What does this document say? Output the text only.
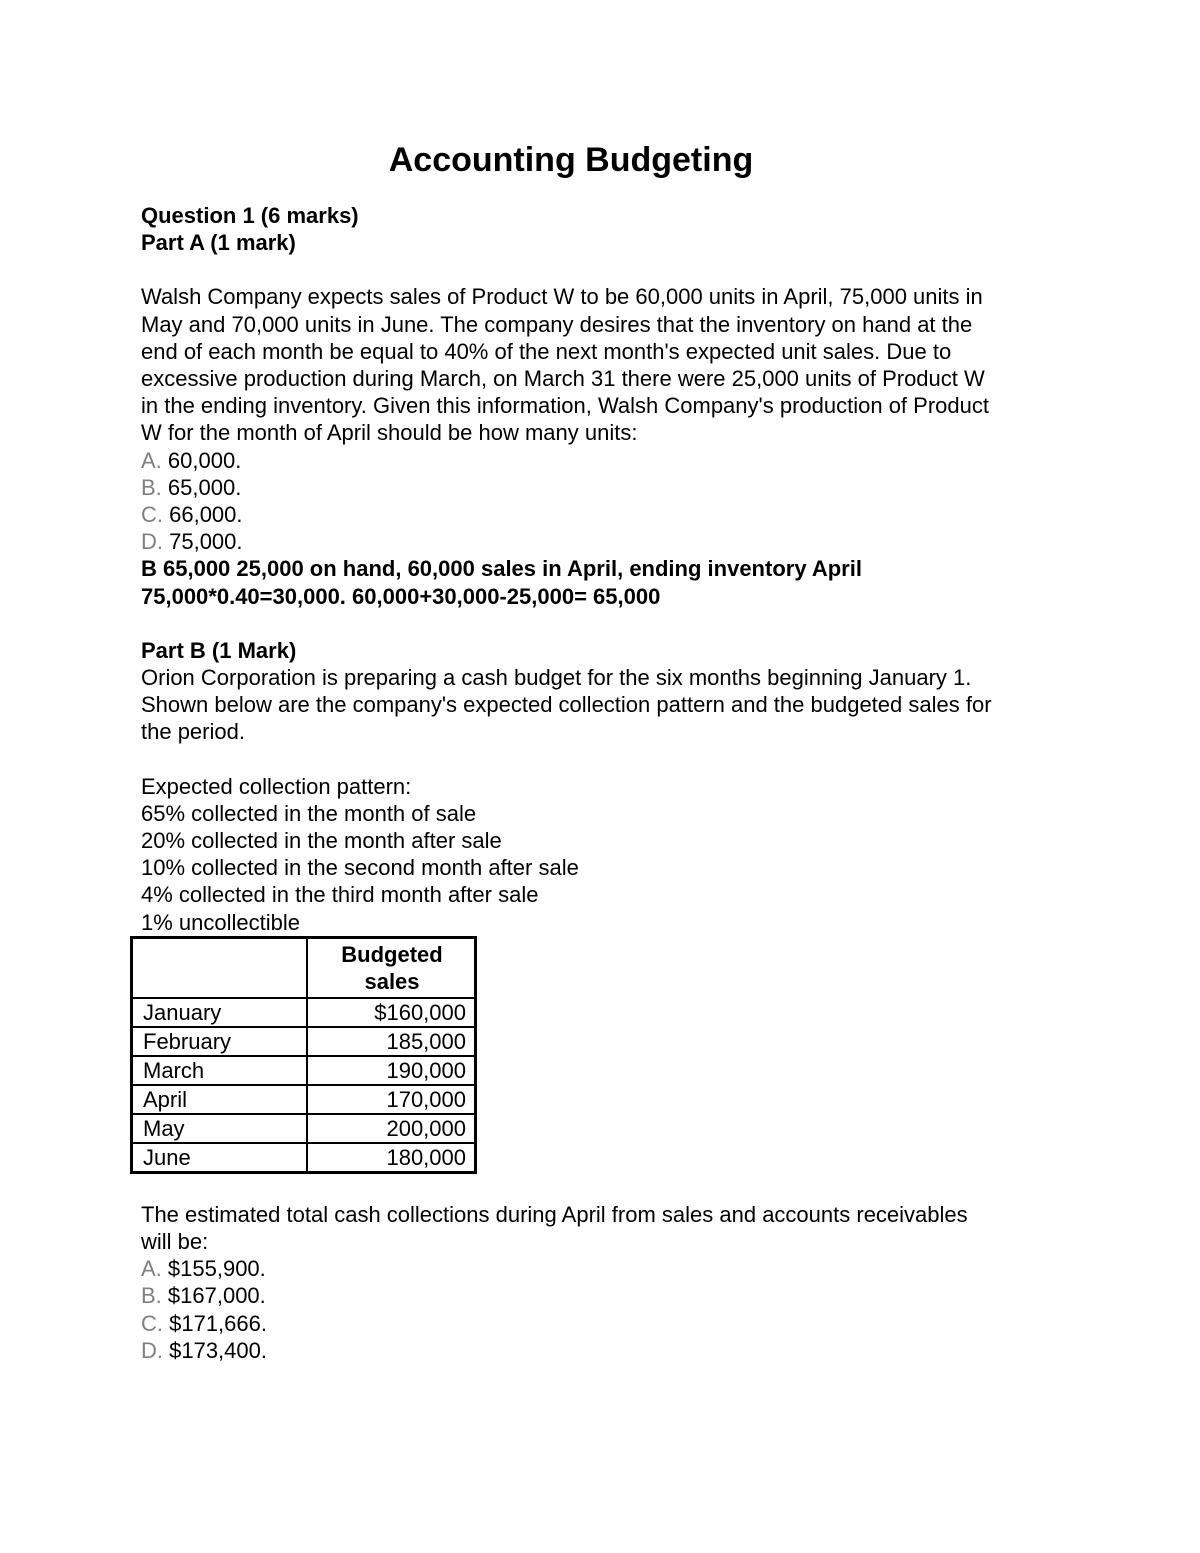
Accounting Budgeting
Question 1 (6 marks)
Part A (1 mark)
Walsh Company expects sales of Product W to be 60,000 units in April, 75,000 units in
May and 70,000 units in June. The company desires that the inventory on hand at the
end of each month be equal to 40% of the next month's expected unit sales. Due to
excessive production during March, on March 31 there were 25,000 units of Product W
in the ending inventory. Given this information, Walsh Company's production of Product
W for the month of April should be how many units:
A. 60,000.
B. 65,000.
C. 66,000.
D. 75,000.
B 65,000 25,000 on hand, 60,000 sales in April, ending inventory April
75,000*0.40=30,000. 60,000+30,000-25,000= 65,000
Part B (1 Mark)
Orion Corporation is preparing a cash budget for the six months beginning January 1.
Shown below are the company's expected collection pattern and the budgeted sales for
the period.
Expected collection pattern:
65% collected in the month of sale
20% collected in the month after sale
10% collected in the second month after sale
4% collected in the third month after sale
1% uncollectible
	Budgeted
sales
January	$160,000
February	185,000
March	190,000
April	170,000
May	200,000
June	180,000
The estimated total cash collections during April from sales and accounts receivables
will be:
A. $155,900.
B. $167,000.
C. $171,666.
D. $173,400.
